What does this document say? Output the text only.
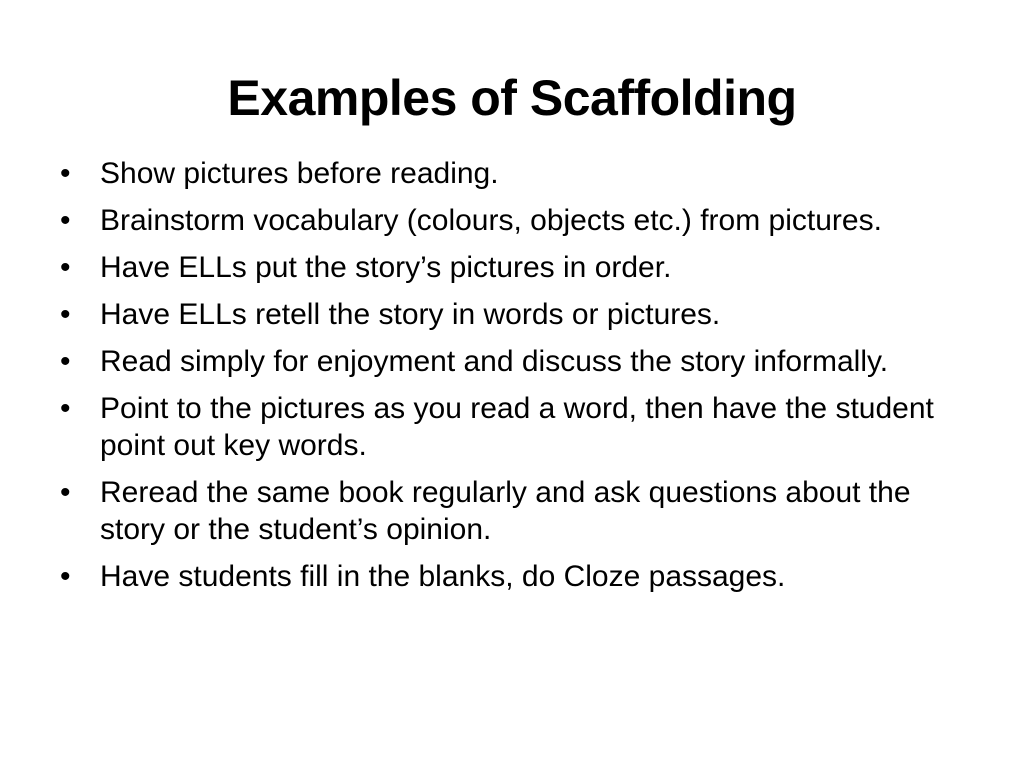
Examples of Scaffolding
• Show pictures before reading.
• Brainstorm vocabulary (colours, objects etc.) from pictures.
• Have ELLs put the story’s pictures in order.
• Have ELLs retell the story in words or pictures.
• Read simply for enjoyment and discuss the story informally.
• Point to the pictures as you read a word, then have the student point out key words.
• Reread the same book regularly and ask questions about the story or the student’s opinion.
• Have students fill in the blanks, do Cloze passages.
